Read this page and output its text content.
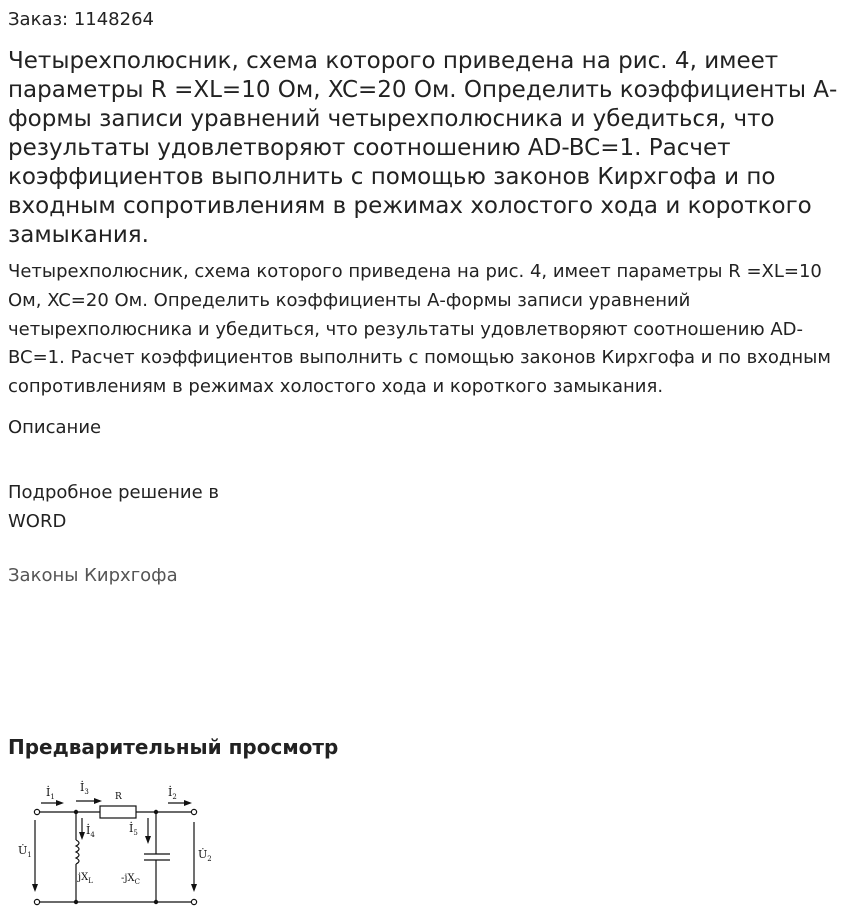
Заказ: 1148264
Четырехполюсник, схема которого приведена на рис. 4, имеет параметры R =XL=10 Ом, XC=20 Ом. Определить коэффициенты А-формы записи уравнений четырехполюсника и убедиться, что результаты удовлетворяют соотношению AD-BC=1. Расчет коэффициентов выполнить с помощью законов Кирхгофа и по входным сопротивлениям в режимах холостого хода и короткого замыкания.

Четырехполюсник, схема которого приведена на рис. 4, имеет параметры R =XL=10 Ом, XC=20 Ом. Определить коэффициенты А-формы записи уравнений четырехполюсника и убедиться, что результаты удовлетворяют соотношению AD-BC=1. Расчет коэффициентов выполнить с помощью законов Кирхгофа и по входным сопротивлениям в режимах холостого хода и короткого замыкания.

Описание
Подробное решение в WORD
Законы Кирхгофа
Предварительный просмотр
$İ_1$
$İ_3$	R	$İ_2$
$İ_4$	$İ_5$
$U̇_1$	$U̇_2$
$jX_L$	$-jX_C$
